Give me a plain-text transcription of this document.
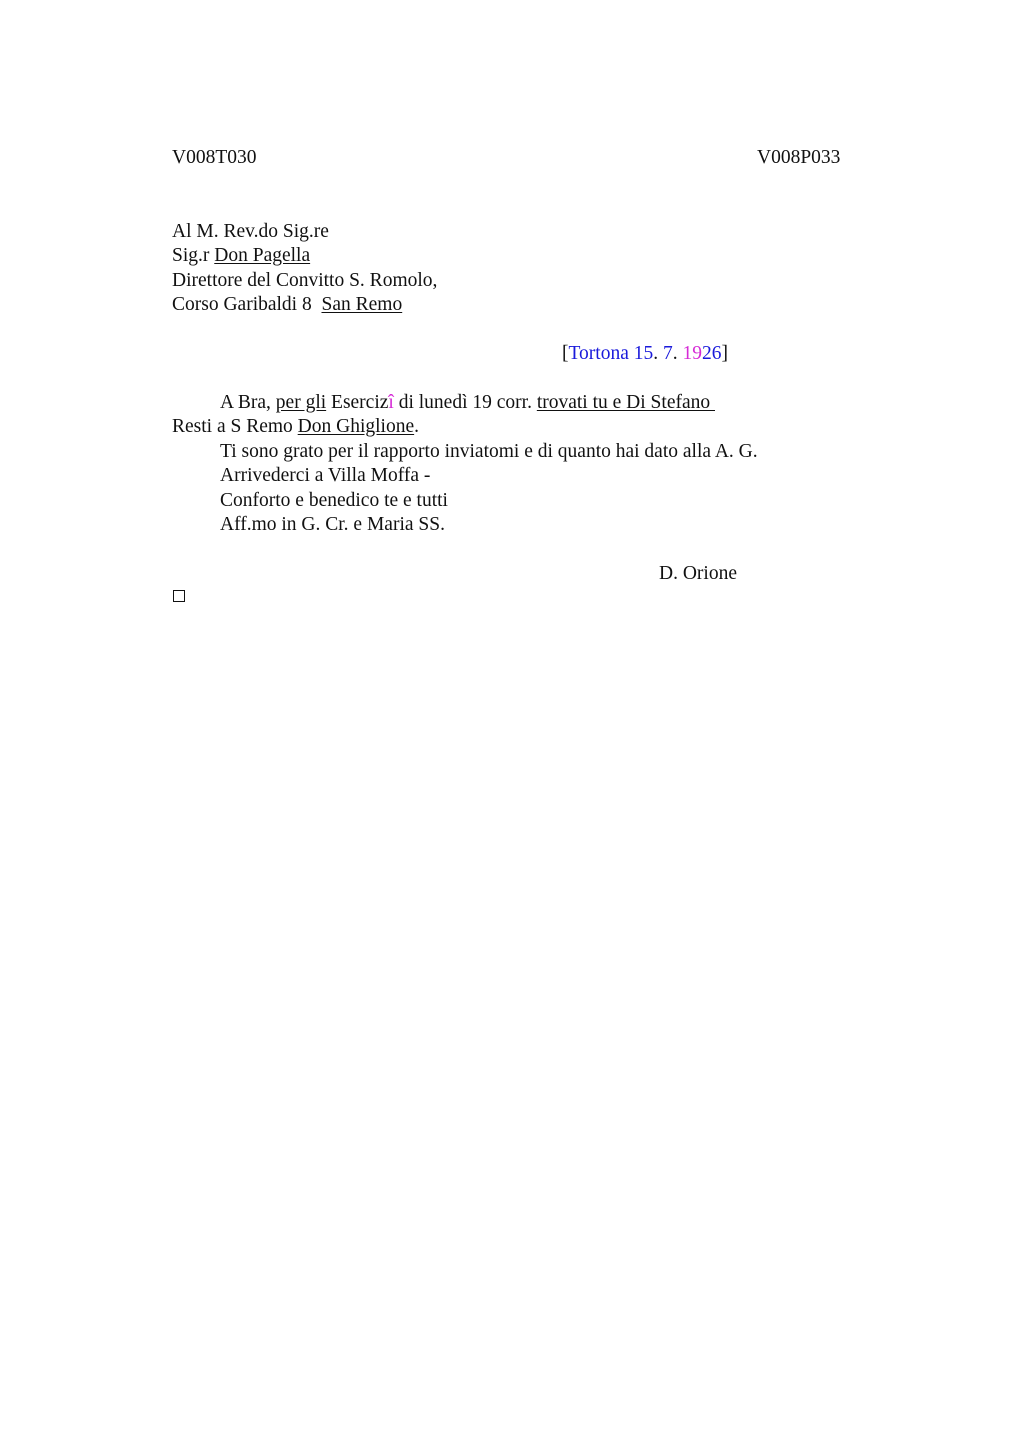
V008T030	V008P033
Al M. Rev.do Sig.re
Sig.r Don Pagella
Direttore del Convitto S. Romolo,
Corso Garibaldi 8 San Remo
[Tortona 15. 7. 1926]
A Bra, per gli Esercizî di lunedì 19 corr. trovati tu e Di Stefano
Resti a S Remo Don Ghiglione.
Ti sono grato per il rapporto inviatomi e di quanto hai dato alla A. G.
Arrivederci a Villa Moffa -
Conforto e benedico te e tutti
Aff.mo in G. Cr. e Maria SS.
D. Orione
